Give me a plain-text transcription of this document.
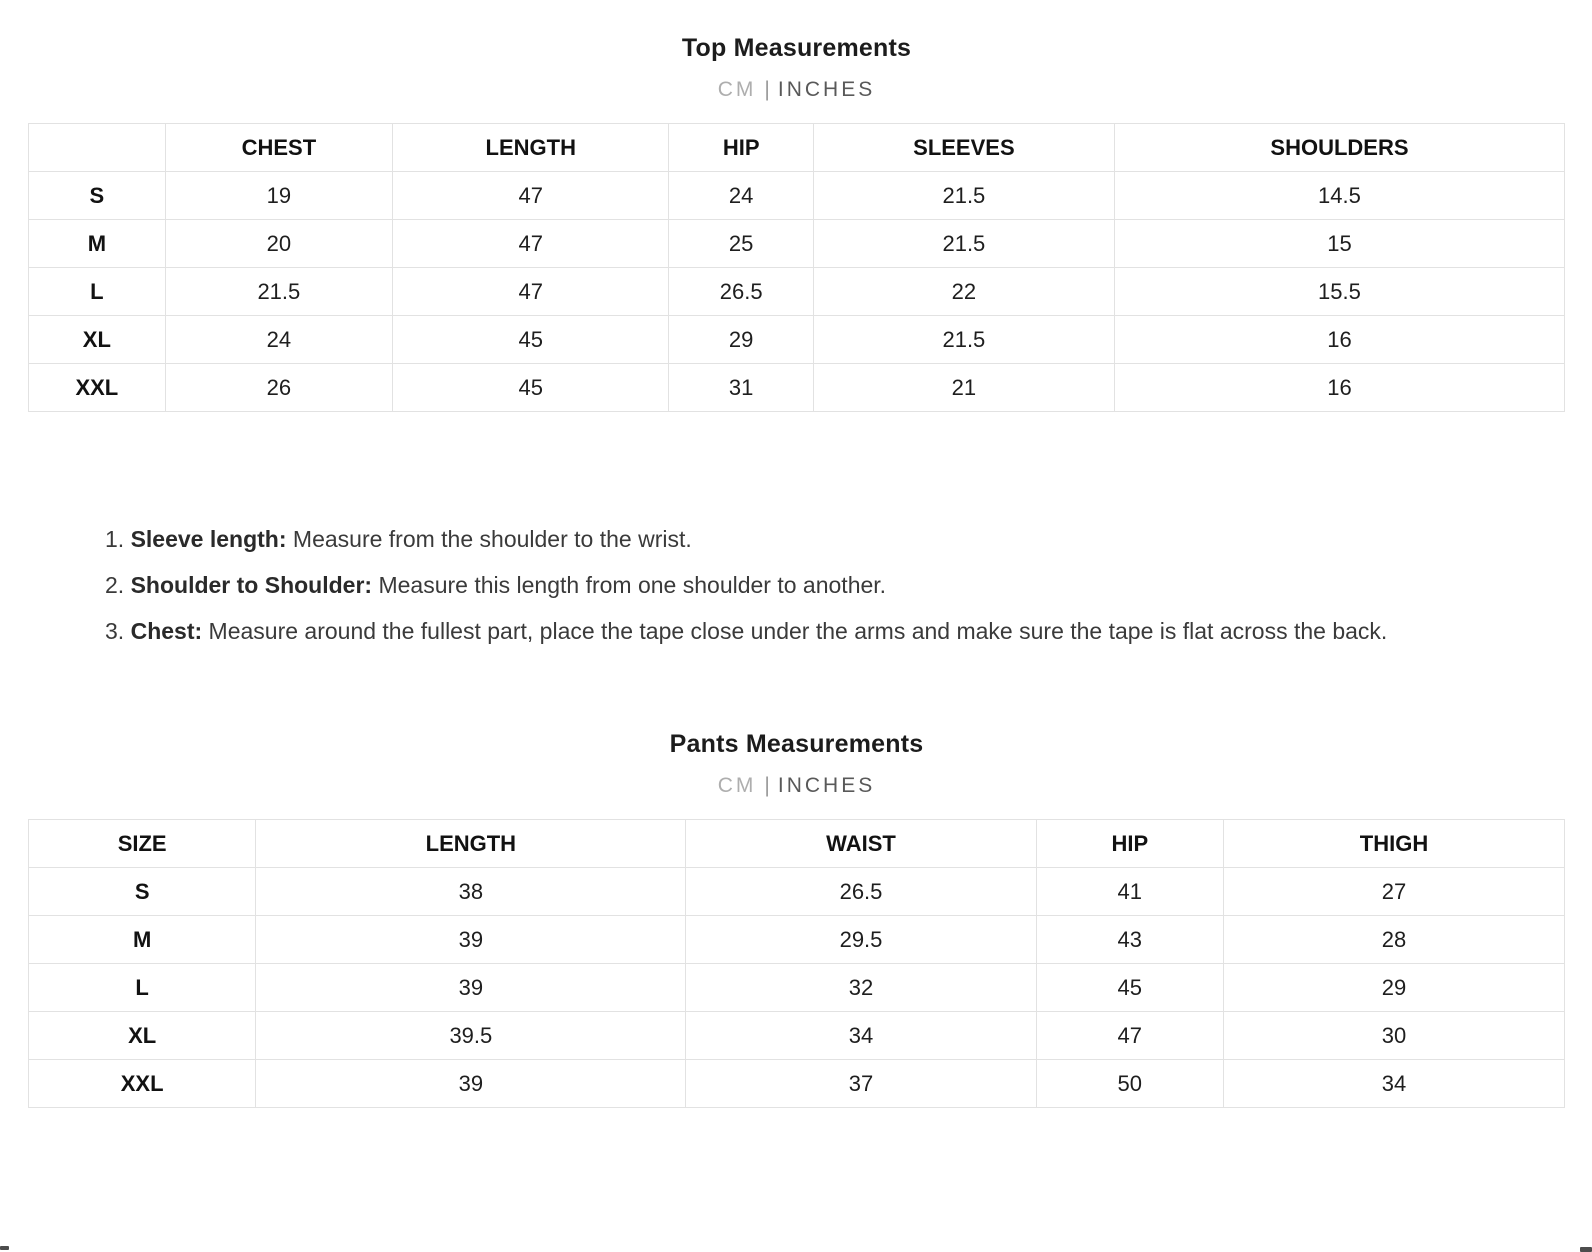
Top Measurements
CM | INCHES
	CHEST	LENGTH	HIP	SLEEVES	SHOULDERS
S	19	47	24	21.5	14.5
M	20	47	25	21.5	15
L	21.5	47	26.5	22	15.5
XL	24	45	29	21.5	16
XXL	26	45	31	21	16
1. Sleeve length: Measure from the shoulder to the wrist.
2. Shoulder to Shoulder: Measure this length from one shoulder to another.
3. Chest: Measure around the fullest part, place the tape close under the arms and make sure the tape is flat across the back.
Pants Measurements
CM | INCHES
SIZE	LENGTH	WAIST	HIP	THIGH
S	38	26.5	41	27
M	39	29.5	43	28
L	39	32	45	29
XL	39.5	34	47	30
XXL	39	37	50	34
